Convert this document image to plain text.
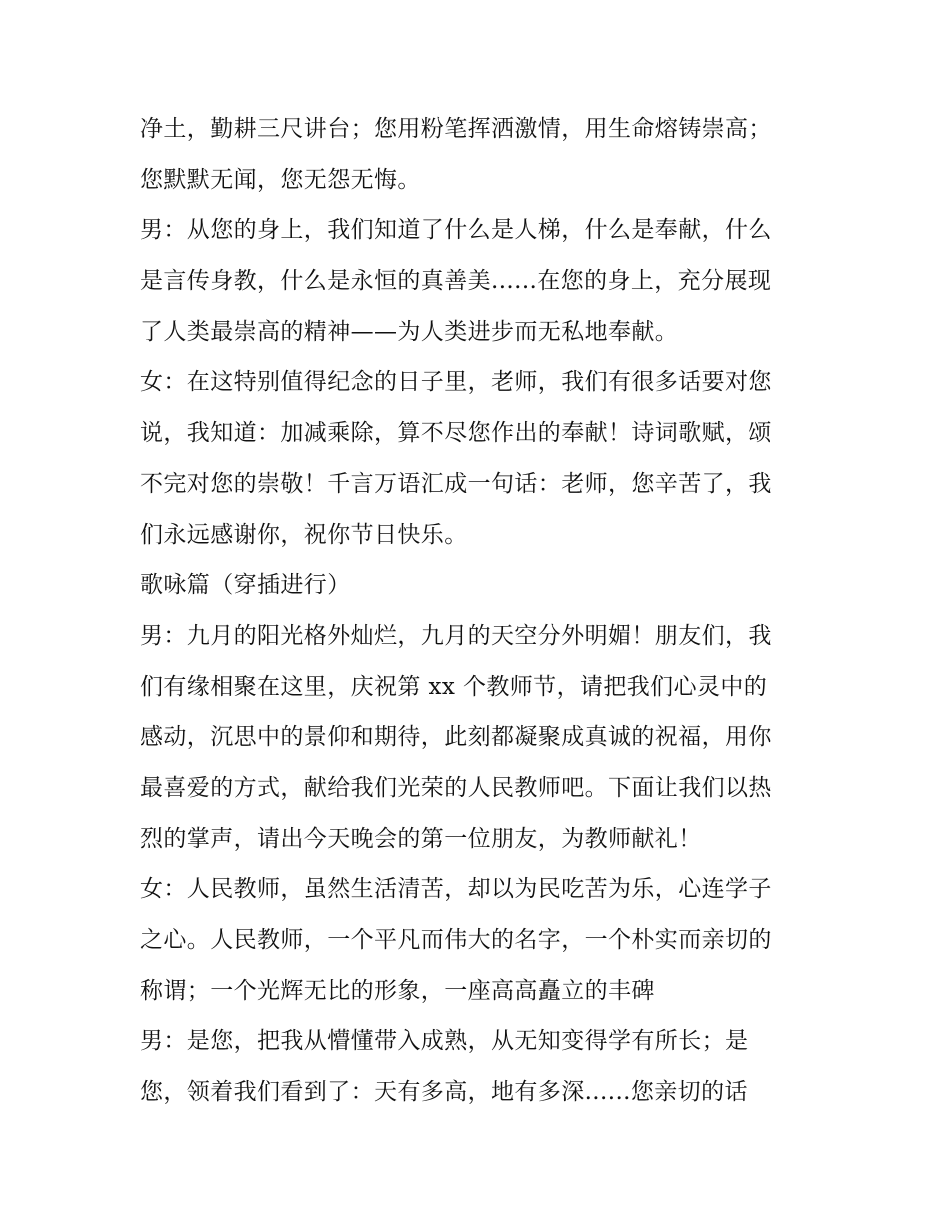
净土，勤耕三尺讲台；您用粉笔挥洒激情，用生命熔铸崇高；
您默默无闻，您无怨无悔。
男：从您的身上，我们知道了什么是人梯，什么是奉献，什么
是言传身教，什么是永恒的真善美......在您的身上，充分展现
了人类最崇高的精神——为人类进步而无私地奉献。
女：在这特别值得纪念的日子里，老师，我们有很多话要对您
说，我知道：加减乘除，算不尽您作出的奉献！诗词歌赋，颂
不完对您的崇敬！千言万语汇成一句话：老师，您辛苦了，我
们永远感谢你，祝你节日快乐。
歌咏篇（穿插进行）
男：九月的阳光格外灿烂，九月的天空分外明媚！朋友们，我
们有缘相聚在这里，庆祝第 xx 个教师节，请把我们心灵中的
感动，沉思中的景仰和期待，此刻都凝聚成真诚的祝福，用你
最喜爱的方式，献给我们光荣的人民教师吧。下面让我们以热
烈的掌声，请出今天晚会的第一位朋友，为教师献礼！
女：人民教师，虽然生活清苦，却以为民吃苦为乐，心连学子
之心。人民教师，一个平凡而伟大的名字，一个朴实而亲切的
称谓；一个光辉无比的形象，一座高高矗立的丰碑
男：是您，把我从懵懂带入成熟，从无知变得学有所长；是
您，领着我们看到了：天有多高，地有多深......您亲切的话
